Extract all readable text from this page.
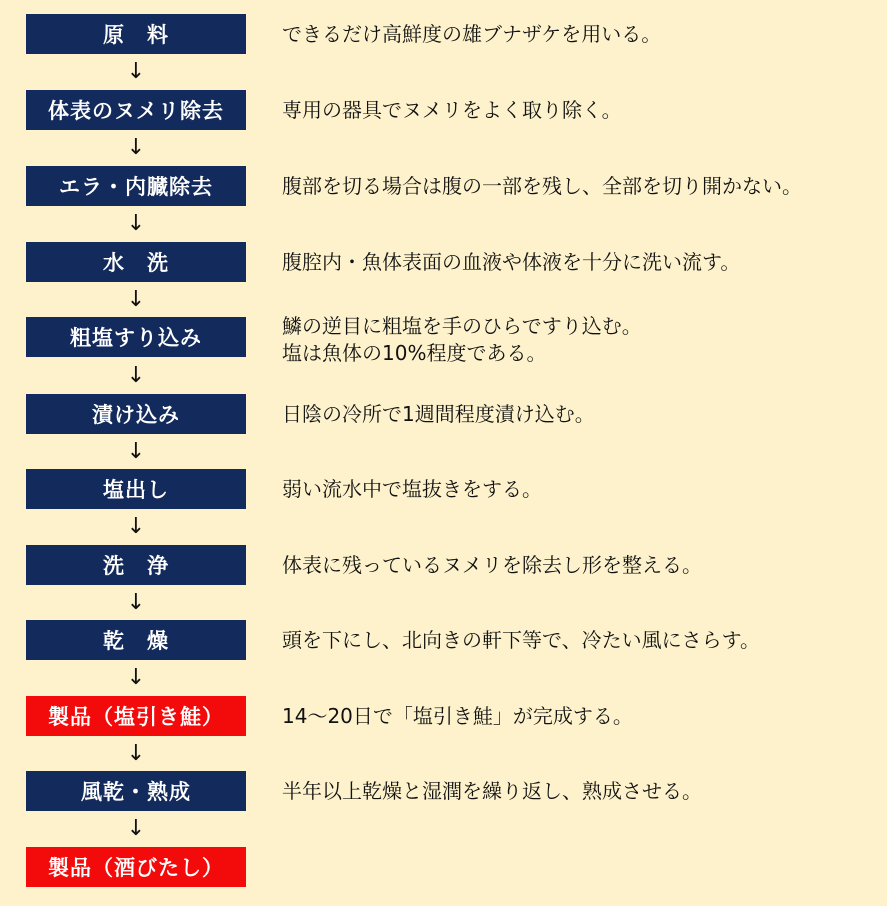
原　料	できるだけ高鮮度の雄ブナザケを用いる。
↓
体表のヌメリ除去	専用の器具でヌメリをよく取り除く。
↓
エラ・内臓除去	腹部を切る場合は腹の一部を残し、全部を切り開かない。
↓
水　洗	腹腔内・魚体表面の血液や体液を十分に洗い流す。
↓
粗塩すり込み	鱗の逆目に粗塩を手のひらですり込む。
塩は魚体の10%程度である。
↓
漬け込み	日陰の冷所で1週間程度漬け込む。
↓
塩出し	弱い流水中で塩抜きをする。
↓
洗　浄	体表に残っているヌメリを除去し形を整える。
↓
乾　燥	頭を下にし、北向きの軒下等で、冷たい風にさらす。
↓
製品（塩引き鮭）	14～20日で「塩引き鮭」が完成する。
↓
風乾・熟成	半年以上乾燥と湿潤を繰り返し、熟成させる。
↓
製品（酒びたし）
